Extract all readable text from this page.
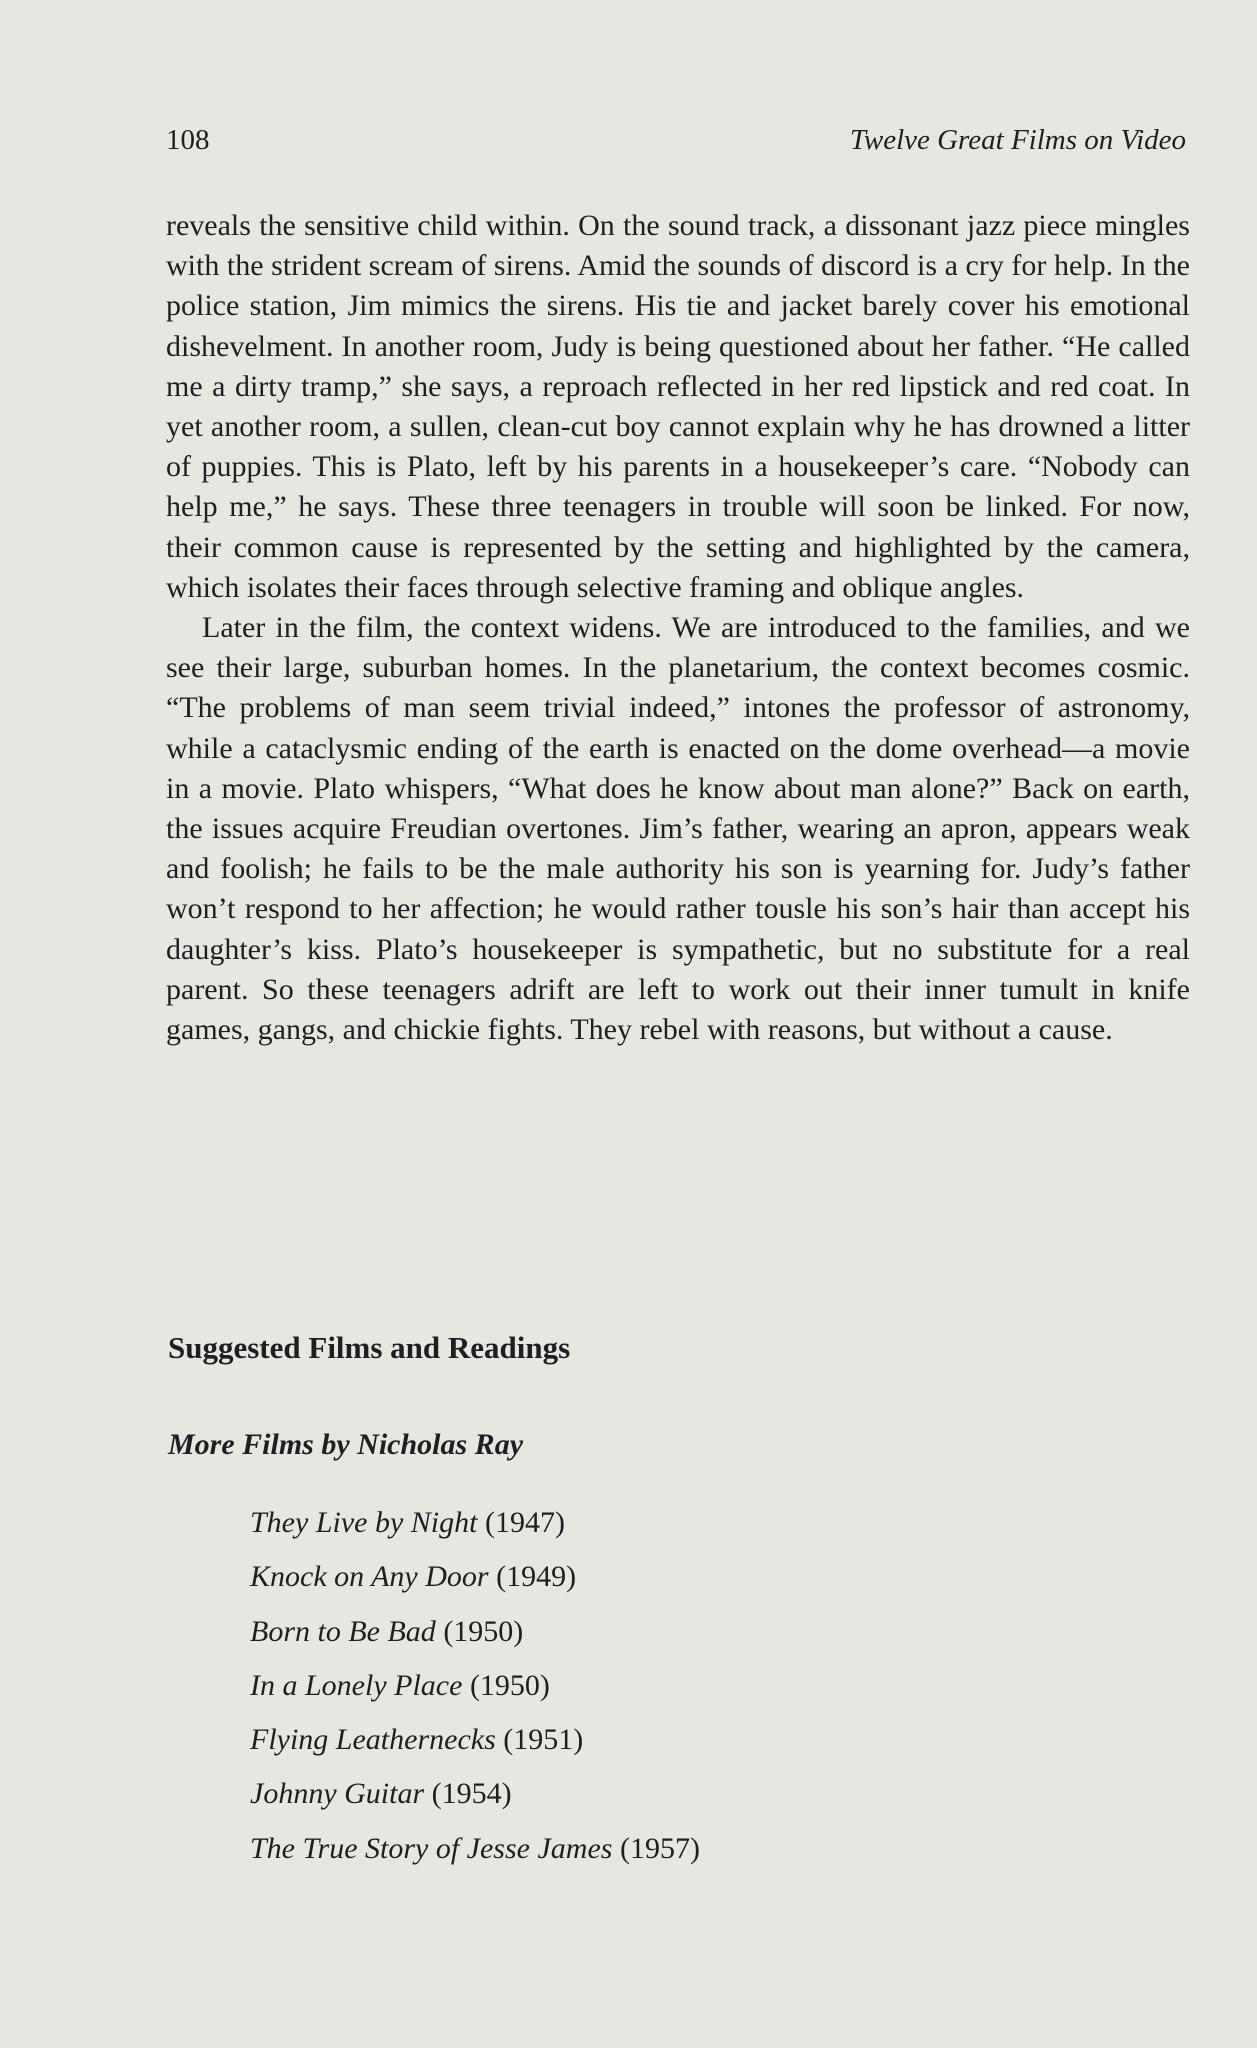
108	Twelve Great Films on Video

reveals the sensitive child within. On the sound track, a dissonant jazz piece mingles with the strident scream of sirens. Amid the sounds of discord is a cry for help. In the police station, Jim mimics the sirens. His tie and jacket barely cover his emotional dishevelment. In another room, Judy is being questioned about her father. “He called me a dirty tramp,” she says, a reproach reflected in her red lipstick and red coat. In yet another room, a sullen, clean-cut boy cannot explain why he has drowned a litter of puppies. This is Plato, left by his parents in a housekeeper’s care. “Nobody can help me,” he says. These three teenagers in trouble will soon be linked. For now, their common cause is represented by the setting and highlighted by the camera, which isolates their faces through selective framing and oblique angles.

Later in the film, the context widens. We are introduced to the families, and we see their large, suburban homes. In the planetarium, the context becomes cosmic. “The problems of man seem trivial indeed,” intones the professor of astronomy, while a cataclysmic ending of the earth is enacted on the dome overhead—a movie in a movie. Plato whispers, “What does he know about man alone?” Back on earth, the issues acquire Freudian overtones. Jim’s father, wearing an apron, appears weak and foolish; he fails to be the male authority his son is yearning for. Judy’s father won’t respond to her affection; he would rather tousle his son’s hair than accept his daughter’s kiss. Plato’s housekeeper is sympathetic, but no substitute for a real parent. So these teenagers adrift are left to work out their inner tumult in knife games, gangs, and chickie fights. They rebel with reasons, but without a cause.

Suggested Films and Readings
More Films by Nicholas Ray
They Live by Night (1947)
Knock on Any Door (1949)
Born to Be Bad (1950)
In a Lonely Place (1950)
Flying Leathernecks (1951)
Johnny Guitar (1954)
The True Story of Jesse James (1957)
